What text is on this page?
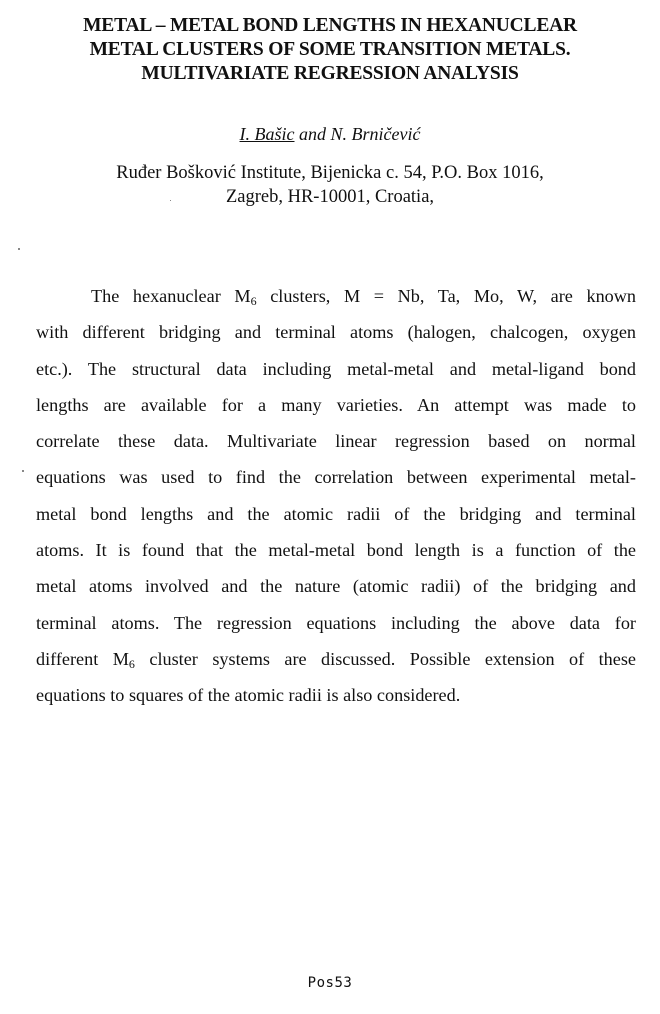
METAL – METAL BOND LENGTHS IN HEXANUCLEAR
METAL CLUSTERS OF SOME TRANSITION METALS.
MULTIVARIATE REGRESSION ANALYSIS
I. Bašic and N. Brničević
Ruđer Bošković Institute, Bijenicka c. 54, P.O. Box 1016,
Zagreb, HR-10001, Croatia,
The hexanuclear $M_6$ clusters, M = Nb, Ta, Mo, W, are known
with different bridging and terminal atoms (halogen, chalcogen, oxygen
etc.). The structural data including metal-metal and metal-ligand bond
lengths are available for a many varieties. An attempt was made to
correlate these data. Multivariate linear regression based on normal
equations was used to find the correlation between experimental metal-
metal bond lengths and the atomic radii of the bridging and terminal
atoms. It is found that the metal-metal bond length is a function of the
metal atoms involved and the nature (atomic radii) of the bridging and
terminal atoms. The regression equations including the above data for
different $M_6$ cluster systems are discussed. Possible extension of these
equations to squares of the atomic radii is also considered.
Pos53
